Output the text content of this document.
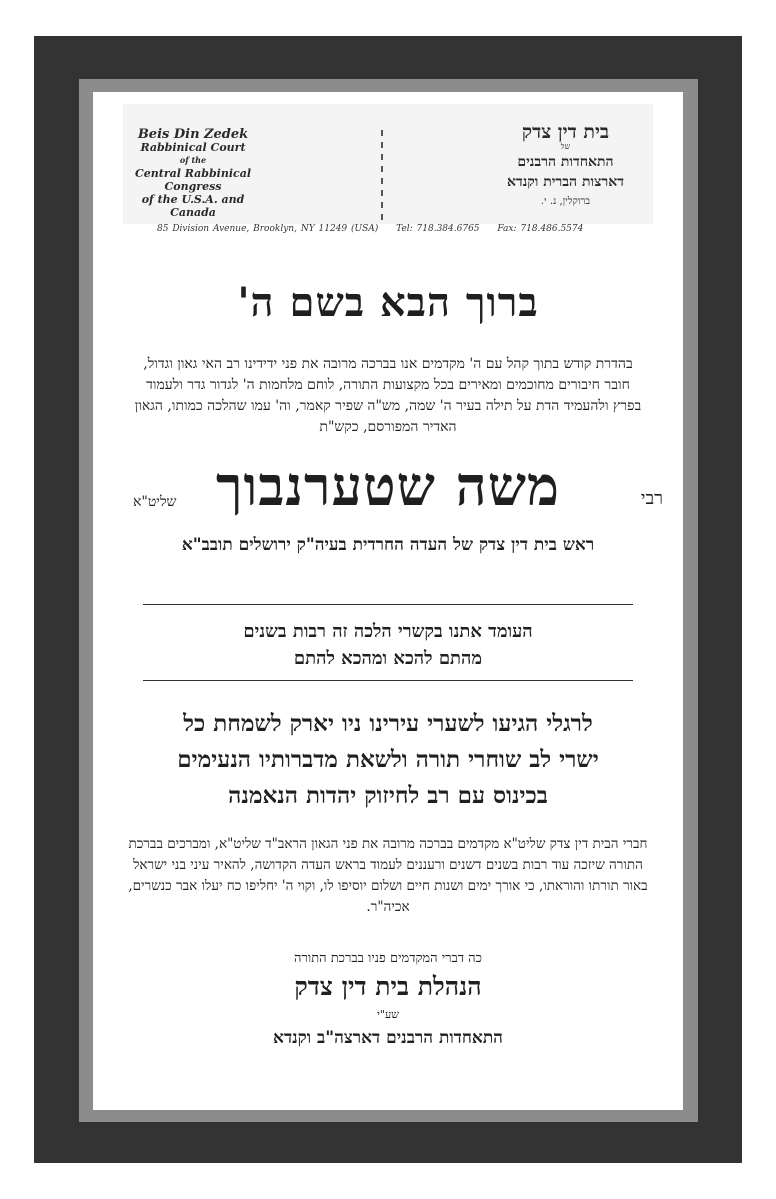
Beis Din Zedek
Rabbinical Court
of the
Central Rabbinical Congress
of the U.S.A. and Canada
בית דין צדק
של
התאחדות הרבנים
דארצות הברית וקנדא
ברוקלין, נ. י.
85 Division Avenue, Brooklyn, NY 11249 (USA) Tel: 718.384.6765 Fax: 718.486.5574
ברוך הבא בשם ה'
בהדרת קודש בתוך קהל עם ה' מקדמים אנו בברכה מרובה את פני ידידינו רב האי גאון וגדול, חובר חיבורים מחוכמים ומאירים בכל מקצועות התורה, לוחם מלחמות ה' לגדור גדר ולעמוד בפרץ ולהעמיד הדת על תילה בעיר ה' שמה, מש"ה שפיר קאמר, וה' עמו שהלכה כמותו, הגאון האדיר המפורסם, כקש"ת
רבי
משה שטערנבוך
שליט"א
ראש בית דין צדק של העדה החרדית בעיה"ק ירושלים תובב"א
העומד אתנו בקשרי הלכה זה רבות בשנים
מהתם להכא ומהכא להתם
לרגלי הגיעו לשערי עירינו ניו יארק לשמחת כל
ישרי לב שוחרי תורה ולשאת מדברותיו הנעימים
בכינוס עם רב לחיזוק יהדות הנאמנה
חברי הבית דין צדק שליט"א מקדמים בברכה מרובה את פני הגאון הראב"ד שליט"א, ומברכים בברכת התורה שיזכה עוד רבות בשנים דשנים ורעננים לעמוד בראש העדה הקדושה, להאיר עיני בני ישראל באור תורתו והוראתו, כי אורך ימים ושנות חיים ושלום יוסיפו לו, וקוי ה' יחליפו כח יעלו אבר כנשרים, אכיה"ר.
כה דברי המקדמים פניו בברכת התורה
הנהלת בית דין צדק
שע"י
התאחדות הרבנים דארצה"ב וקנדא
